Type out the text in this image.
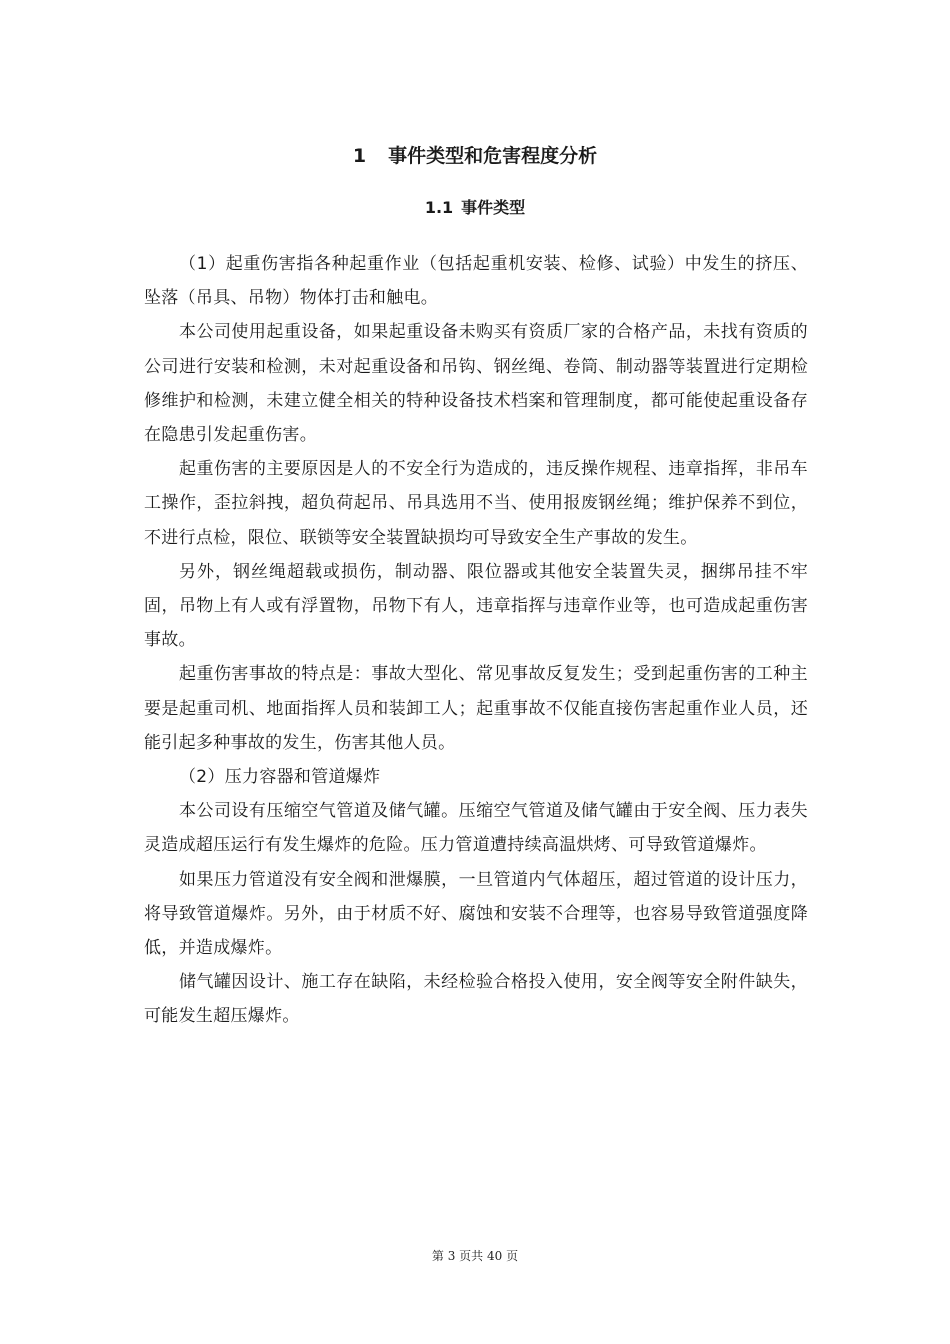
1 事件类型和危害程度分析
1.1 事件类型

（1）起重伤害指各种起重作业（包括起重机安装、检修、试验）中发生的挤压、坠落（吊具、吊物）物体打击和触电。

本公司使用起重设备，如果起重设备未购买有资质厂家的合格产品，未找有资质的公司进行安装和检测，未对起重设备和吊钩、钢丝绳、卷筒、制动器等装置进行定期检修维护和检测，未建立健全相关的特种设备技术档案和管理制度，都可能使起重设备存在隐患引发起重伤害。

起重伤害的主要原因是人的不安全行为造成的，违反操作规程、违章指挥，非吊车工操作，歪拉斜拽，超负荷起吊、吊具选用不当、使用报废钢丝绳；维护保养不到位，不进行点检，限位、联锁等安全装置缺损均可导致安全生产事故的发生。

另外，钢丝绳超载或损伤，制动器、限位器或其他安全装置失灵，捆绑吊挂不牢固，吊物上有人或有浮置物，吊物下有人，违章指挥与违章作业等，也可造成起重伤害事故。

起重伤害事故的特点是：事故大型化、常见事故反复发生；受到起重伤害的工种主要是起重司机、地面指挥人员和装卸工人；起重事故不仅能直接伤害起重作业人员，还能引起多种事故的发生，伤害其他人员。

（2）压力容器和管道爆炸

本公司设有压缩空气管道及储气罐。压缩空气管道及储气罐由于安全阀、压力表失灵造成超压运行有发生爆炸的危险。压力管道遭持续高温烘烤、可导致管道爆炸。

如果压力管道没有安全阀和泄爆膜，一旦管道内气体超压，超过管道的设计压力，将导致管道爆炸。另外，由于材质不好、腐蚀和安装不合理等，也容易导致管道强度降低，并造成爆炸。

储气罐因设计、施工存在缺陷，未经检验合格投入使用，安全阀等安全附件缺失，可能发生超压爆炸。

第 3 页共 40 页
